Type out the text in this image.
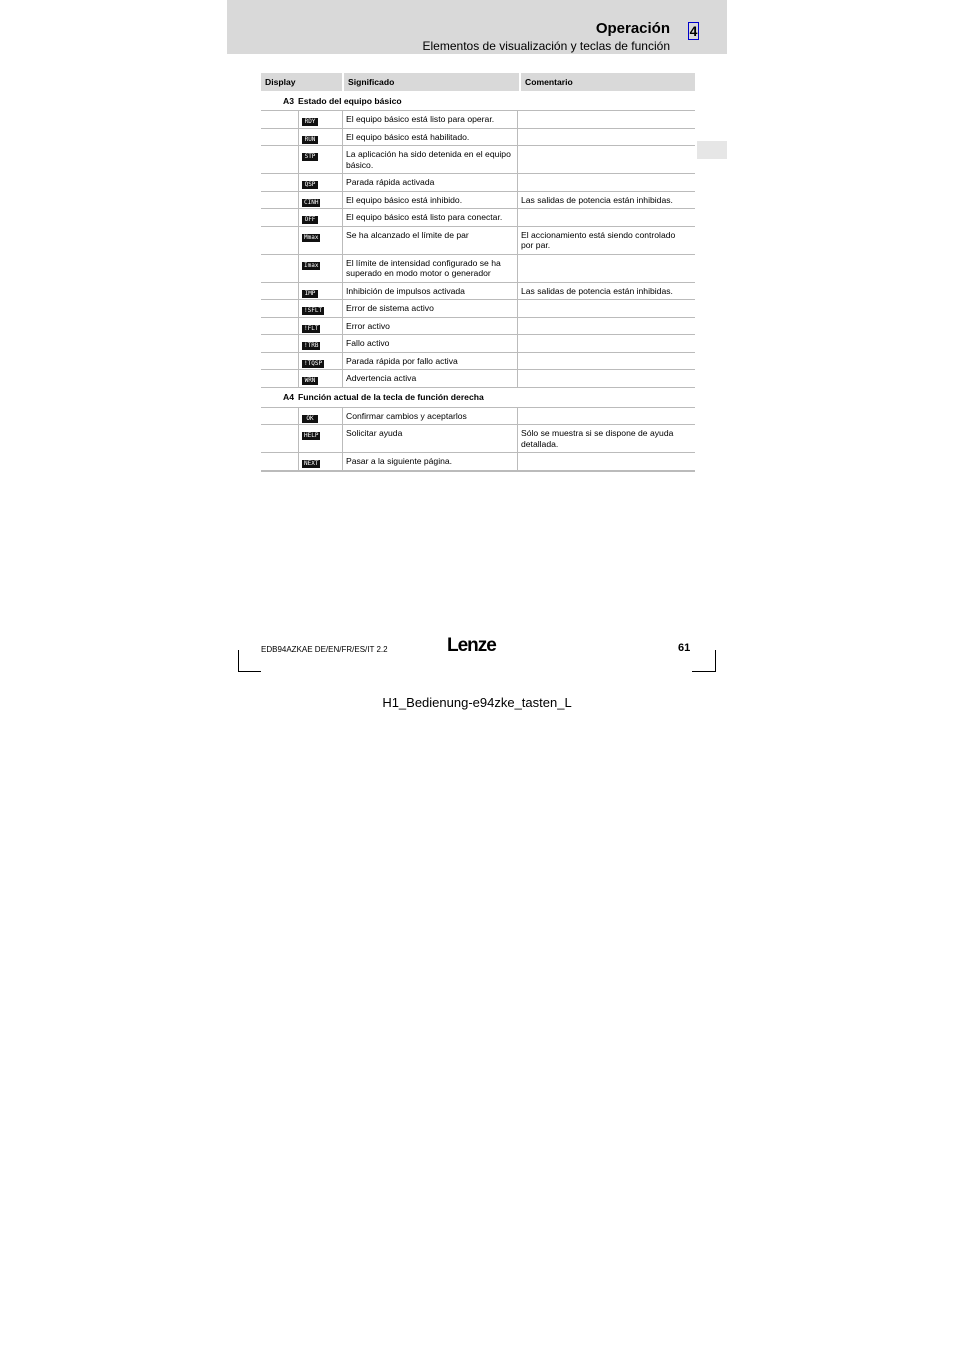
Operación
Elementos de visualización y teclas de función
4
Display	Significado	Comentario
A3 Estado del equipo básico
RDY	El equipo básico está listo para operar.
RUN	El equipo básico está habilitado.
STP	La aplicación ha sido detenida en el equipo básico.
QSP	Parada rápida activada
CINH	El equipo básico está inhibido.	Las salidas de potencia están inhibidas.
OFF	El equipo básico está listo para conectar.
Mmax	Se ha alcanzado el límite de par	El accionamiento está siendo controlado por par.
Imax	El límite de intensidad configurado se ha superado en modo motor o generador
IMP	Inhibición de impulsos activada	Las salidas de potencia están inhibidas.
!SFLT	Error de sistema activo
!FLT	Error activo
!TRB	Fallo activo
!TQSP	Parada rápida por fallo activa
WRN	Advertencia activa
A4 Función actual de la tecla de función derecha
OK	Confirmar cambios y aceptarlos
HELP	Solicitar ayuda	Sólo se muestra si se dispone de ayuda detallada.
NEXT	Pasar a la siguiente página.
EDB94AZKAE DE/EN/FR/ES/IT 2.2	Lenze	61
H1_Bedienung-e94zke_tasten_L
